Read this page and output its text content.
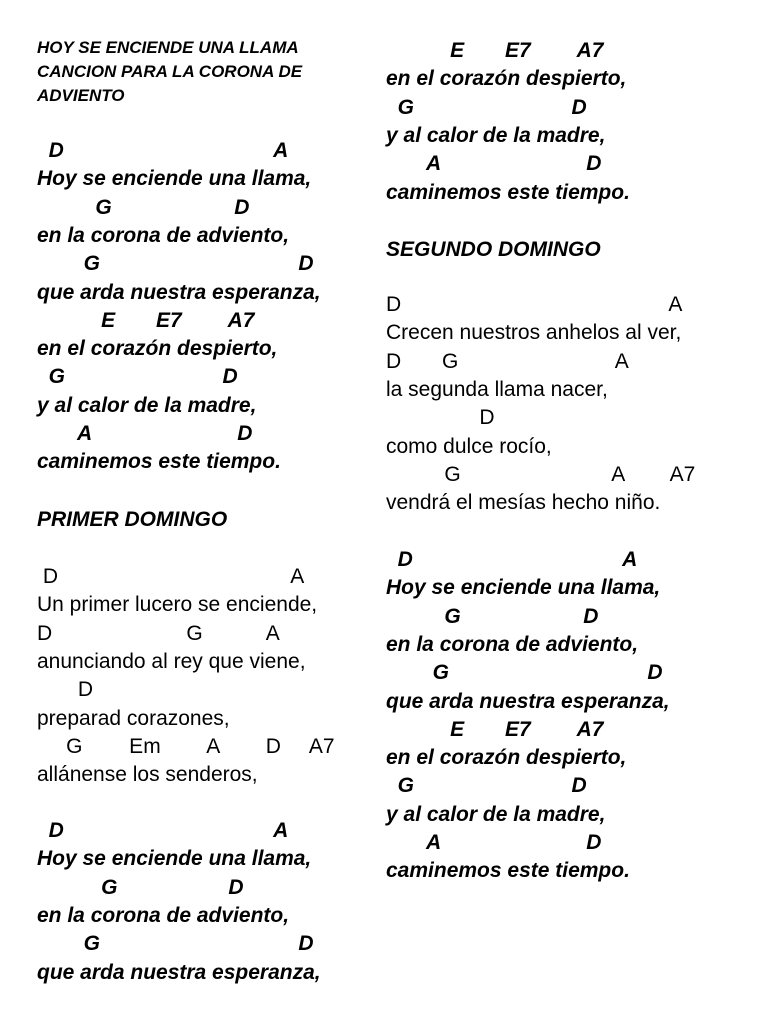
HOY SE ENCIENDE UNA LLAMA
CANCION PARA LA CORONA DE
ADVIENTO
D                                    A
Hoy se enciende una llama,
G                     D
en la corona de adviento,
G                                  D
que arda nuestra esperanza,
E       E7        A7
en el corazón despierto,
G                           D
y al calor de la madre,
A                         D
caminemos este tiempo.
PRIMER DOMINGO
D                                        A
Un primer lucero se enciende,
D                       G           A
anunciando al rey que viene,
D
preparad corazones,
G        Em        A        D     A7
allánense los senderos,
D                                    A
Hoy se enciende una llama,
G                   D
en la corona de adviento,
G                                  D
que arda nuestra esperanza,
E       E7        A7
en el corazón despierto,
G                           D
y al calor de la madre,
A                         D
caminemos este tiempo.
SEGUNDO DOMINGO
D                                              A
Crecen nuestros anhelos al ver,
D       G                           A
la segunda llama nacer,
D
como dulce rocío,
G                          A        A7
vendrá el mesías hecho niño.
D                                    A
Hoy se enciende una llama,
G                     D
en la corona de adviento,
G                                  D
que arda nuestra esperanza,
E       E7        A7
en el corazón despierto,
G                           D
y al calor de la madre,
A                         D
caminemos este tiempo.
